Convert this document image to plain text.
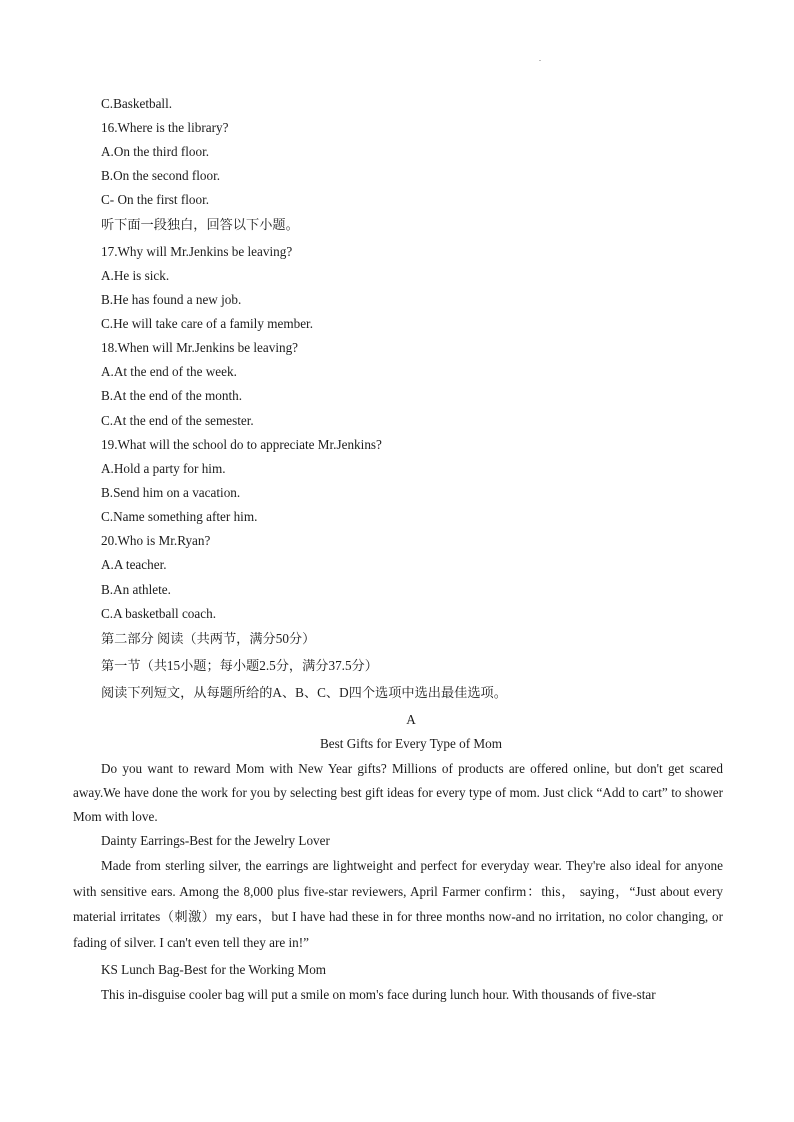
.
C.Basketball.
16.Where is the library?
A.On the third floor.
B.On the second floor.
C- On the first floor.
听下面一段独白，回答以下小题。
17.Why will Mr.Jenkins be leaving?
A.He is sick.
B.He has found a new job.
C.He will take care of a family member.
18.When will Mr.Jenkins be leaving?
A.At the end of the week.
B.At the end of the month.
C.At the end of the semester.
19.What will the school do to appreciate Mr.Jenkins?
A.Hold a party for him.
B.Send him on a vacation.
C.Name something after him.
20.Who is Mr.Ryan?
A.A teacher.
B.An athlete.
C.A basketball coach.
第二部分 阅读（共两节，满分50分）
第一节（共15小题；每小题2.5分，满分37.5分）
阅读下列短文，从每题所给的A、B、C、D四个选项中选出最佳选项。
A
Best Gifts for Every Type of Mom
Do you want to reward Mom with New Year gifts? Millions of products are offered online, but don't get scared away.We have done the work for you by selecting best gift ideas for every type of mom. Just click “Add to cart” to shower Mom with love.
Dainty Earrings-Best for the Jewelry Lover
Made from sterling silver, the earrings are lightweight and perfect for everyday wear. They're also ideal for anyone with sensitive ears. Among the 8,000 plus five-star reviewers, April Farmer confirm：this， saying，“Just about every material irritates（刺激）my ears，but I have had these in for three months now-and no irritation, no color changing, or fading of silver. I can't even tell they are in!”
KS Lunch Bag-Best for the Working Mom
This in-disguise cooler bag will put a smile on mom's face during lunch hour. With thousands of five-star
